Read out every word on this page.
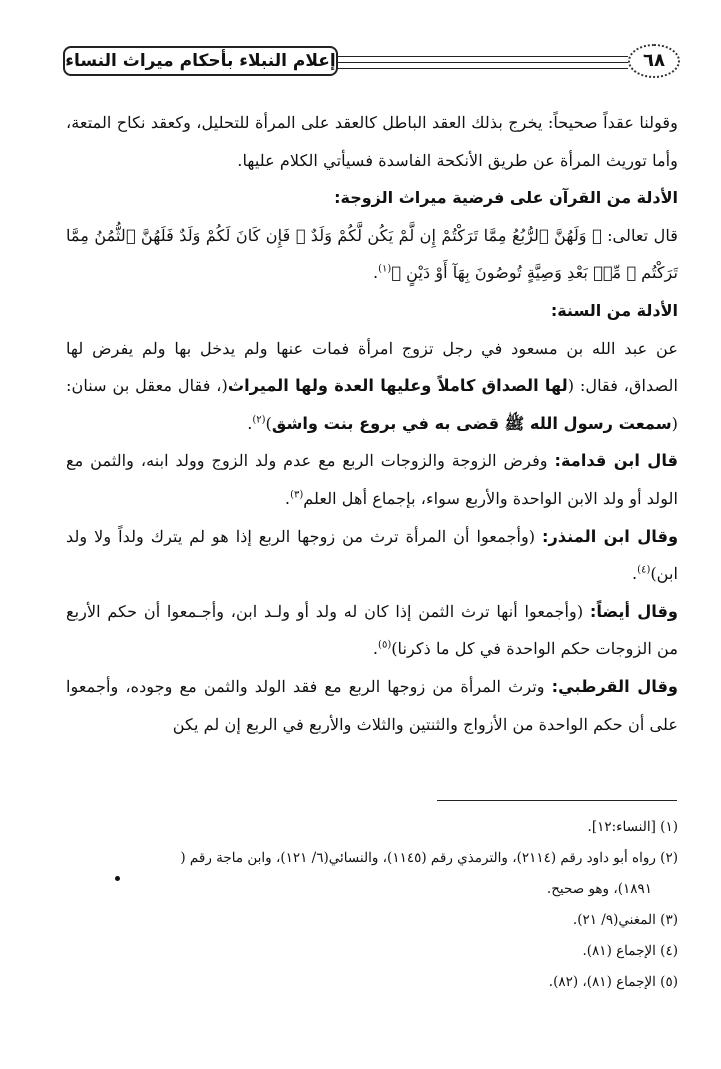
إعلام النبلاء بأحكام ميراث النساء	٦٨

وقولنا عقداً صحيحاً: يخرج بذلك العقد الباطل كالعقد على المرأة للتحليل، وكعقد نكاح المتعة، وأما توريث المرأة عن طريق الأنكحة الفاسدة فسيأتي الكلام عليها.

الأدلة من القرآن على فرضية ميراث الزوجة:

قال تعالى: ﴿ وَلَهُنَّ ٱلرُّبُعُ مِمَّا تَرَكْتُمْ إِن لَّمْ يَكُن لَّكُمْ وَلَدٌ ۚ فَإِن كَانَ لَكُمْ وَلَدٌ فَلَهُنَّ ٱلثُّمُنُ مِمَّا تَرَكْتُم ۚ مِّنۢ بَعْدِ وَصِيَّةٍ تُوصُونَ بِهَآ أَوْ دَيْنٍ ﴾$^{(١)}$.

الأدلة من السنة:

عن عبد الله بن مسعود في رجل تزوج امرأة فمات عنها ولم يدخل بها ولم يفرض لها الصداق، فقال: (لها الصداق كاملاً وعليها العدة ولها الميراث(، فقال معقل بن سنان: (سمعت رسول الله ﷺ قضى به في بروع بنت واشق)$^{(٢)}$.

قال ابن قدامة: وفرض الزوجة والزوجات الربع مع عدم ولد الزوج وولد ابنه، والثمن مع الولد أو ولد الابن الواحدة والأربع سواء، بإجماع أهل العلم$^{(٣)}$.

وقال ابن المنذر: (وأجمعوا أن المرأة ترث من زوجها الربع إذا هو لم يترك ولداً ولا ولد ابن)$^{(٤)}$.

وقال أيضاً: (وأجمعوا أنها ترث الثمن إذا كان له ولد أو ولـد ابن، وأجـمعوا أن حكم الأربع من الزوجات حكم الواحدة في كل ما ذكرنا)$^{(٥)}$.

وقال القرطبي: وترث المرأة من زوجها الربع مع فقد الولد والثمن مع وجوده، وأجمعوا على أن حكم الواحدة من الأزواج والثنتين والثلاث والأربع في الربع إن لم يكن

(١) [النساء:١٢].

(٢) رواه أبو داود رقم (٢١١٤)، والترمذي رقم (١١٤٥)، والنسائي(٦/ ١٢١)، وابن ماجة رقم (

١٨٩١)، وهو صحيح.

(٣) المغني(٩/ ٢١).

(٤) الإجماع (٨١).

(٥) الإجماع (٨١)، (٨٢).
